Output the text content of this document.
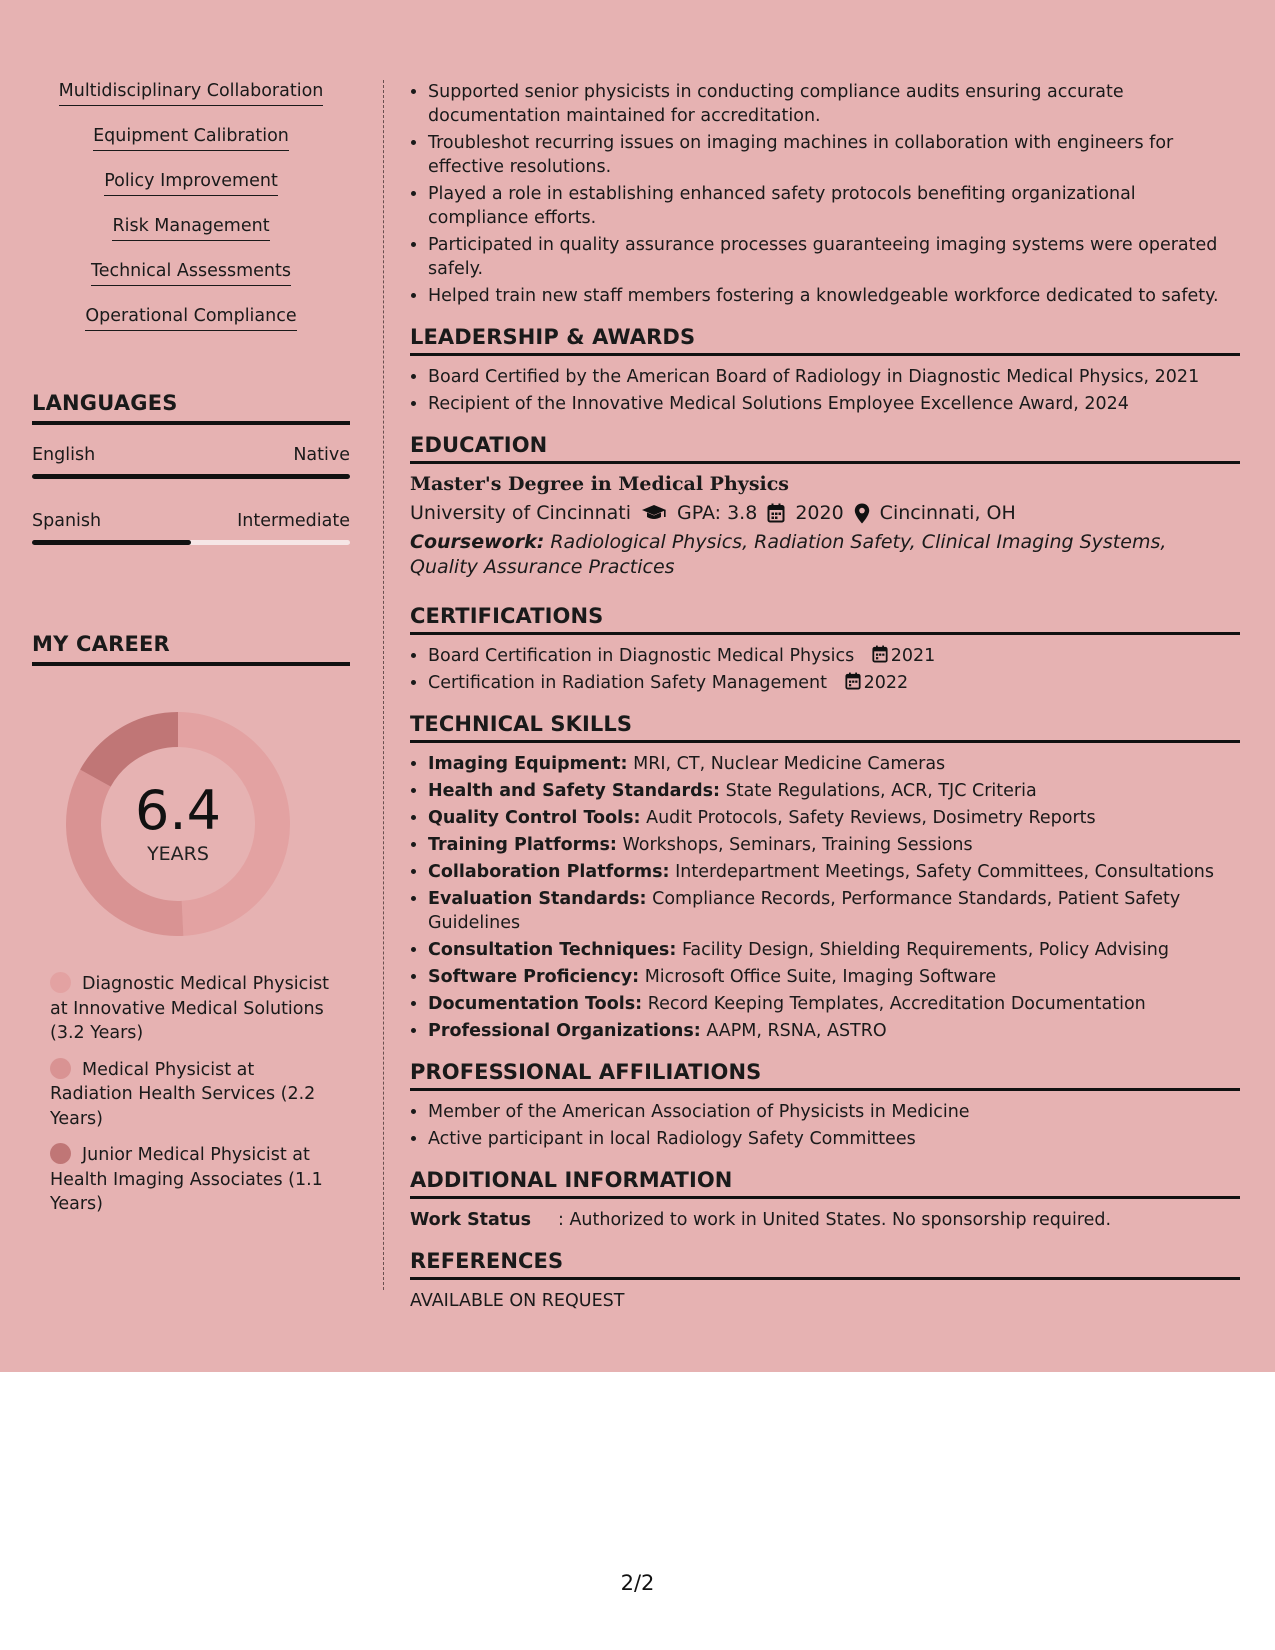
Multidisciplinary Collaboration
Equipment Calibration
Policy Improvement
Risk Management
Technical Assessments
Operational Compliance
LANGUAGES
English	Native
Spanish	Intermediate
MY CAREER
6.4
YEARS
Diagnostic Medical Physicist at Innovative Medical Solutions (3.2 Years)
Medical Physicist at Radiation Health Services (2.2 Years)
Junior Medical Physicist at Health Imaging Associates (1.1 Years)
• Supported senior physicists in conducting compliance audits ensuring accurate documentation maintained for accreditation.
• Troubleshot recurring issues on imaging machines in collaboration with engineers for effective resolutions.
• Played a role in establishing enhanced safety protocols benefiting organizational compliance efforts.
• Participated in quality assurance processes guaranteeing imaging systems were operated safely.
• Helped train new staff members fostering a knowledgeable workforce dedicated to safety.
LEADERSHIP & AWARDS
• Board Certified by the American Board of Radiology in Diagnostic Medical Physics, 2021
• Recipient of the Innovative Medical Solutions Employee Excellence Award, 2024
EDUCATION
Master's Degree in Medical Physics
University of Cincinnati GPA: 3.8 2020 Cincinnati, OH
Coursework: Radiological Physics, Radiation Safety, Clinical Imaging Systems, Quality Assurance Practices
CERTIFICATIONS
• Board Certification in Diagnostic Medical Physics 2021
• Certification in Radiation Safety Management 2022
TECHNICAL SKILLS
• Imaging Equipment: MRI, CT, Nuclear Medicine Cameras
• Health and Safety Standards: State Regulations, ACR, TJC Criteria
• Quality Control Tools: Audit Protocols, Safety Reviews, Dosimetry Reports
• Training Platforms: Workshops, Seminars, Training Sessions
• Collaboration Platforms: Interdepartment Meetings, Safety Committees, Consultations
• Evaluation Standards: Compliance Records, Performance Standards, Patient Safety Guidelines
• Consultation Techniques: Facility Design, Shielding Requirements, Policy Advising
• Software Proficiency: Microsoft Office Suite, Imaging Software
• Documentation Tools: Record Keeping Templates, Accreditation Documentation
• Professional Organizations: AAPM, RSNA, ASTRO
PROFESSIONAL AFFILIATIONS
• Member of the American Association of Physicists in Medicine
• Active participant in local Radiology Safety Committees
ADDITIONAL INFORMATION
Work Status	: Authorized to work in United States. No sponsorship required.
REFERENCES
AVAILABLE ON REQUEST
2/2
